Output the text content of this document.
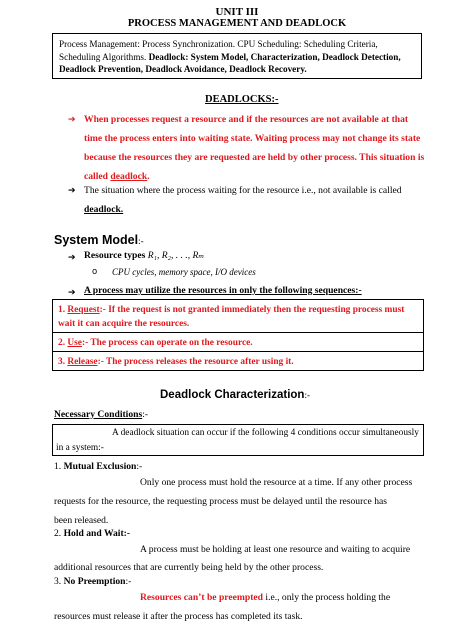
UNIT III
PROCESS MANAGEMENT AND DEADLOCK
Process Management: Process Synchronization. CPU Scheduling: Scheduling Criteria,
Scheduling Algorithms. Deadlock: System Model, Characterization, Deadlock Detection,
Deadlock Prevention, Deadlock Avoidance, Deadlock Recovery.
DEADLOCKS:-
➔ When processes request a resource and if the resources are not available at that
time the process enters into waiting state. Waiting process may not change its state
because the resources they are requested are held by other process. This situation is
called deadlock.
➔ The situation where the process waiting for the resource i.e., not available is called
deadlock.
System Model:-
➔ Resource types R₁, R₂, . . ., Rₘ
o CPU cycles, memory space, I/O devices
➔ A process may utilize the resources in only the following sequences:-
1. Request:- If the request is not granted immediately then the requesting process must
wait it can acquire the resources.
2. Use:- The process can operate on the resource.
3. Release:- The process releases the resource after using it.
Deadlock Characterization:-
Necessary Conditions:-
A deadlock situation can occur if the following 4 conditions occur simultaneously
in a system:-
1. Mutual Exclusion:-
Only one process must hold the resource at a time. If any other process
requests for the resource, the requesting process must be delayed until the resource has
been released.
2. Hold and Wait:-
A process must be holding at least one resource and waiting to acquire
additional resources that are currently being held by the other process.
3. No Preemption:-
Resources can’t be preempted i.e., only the process holding the
resources must release it after the process has completed its task.
